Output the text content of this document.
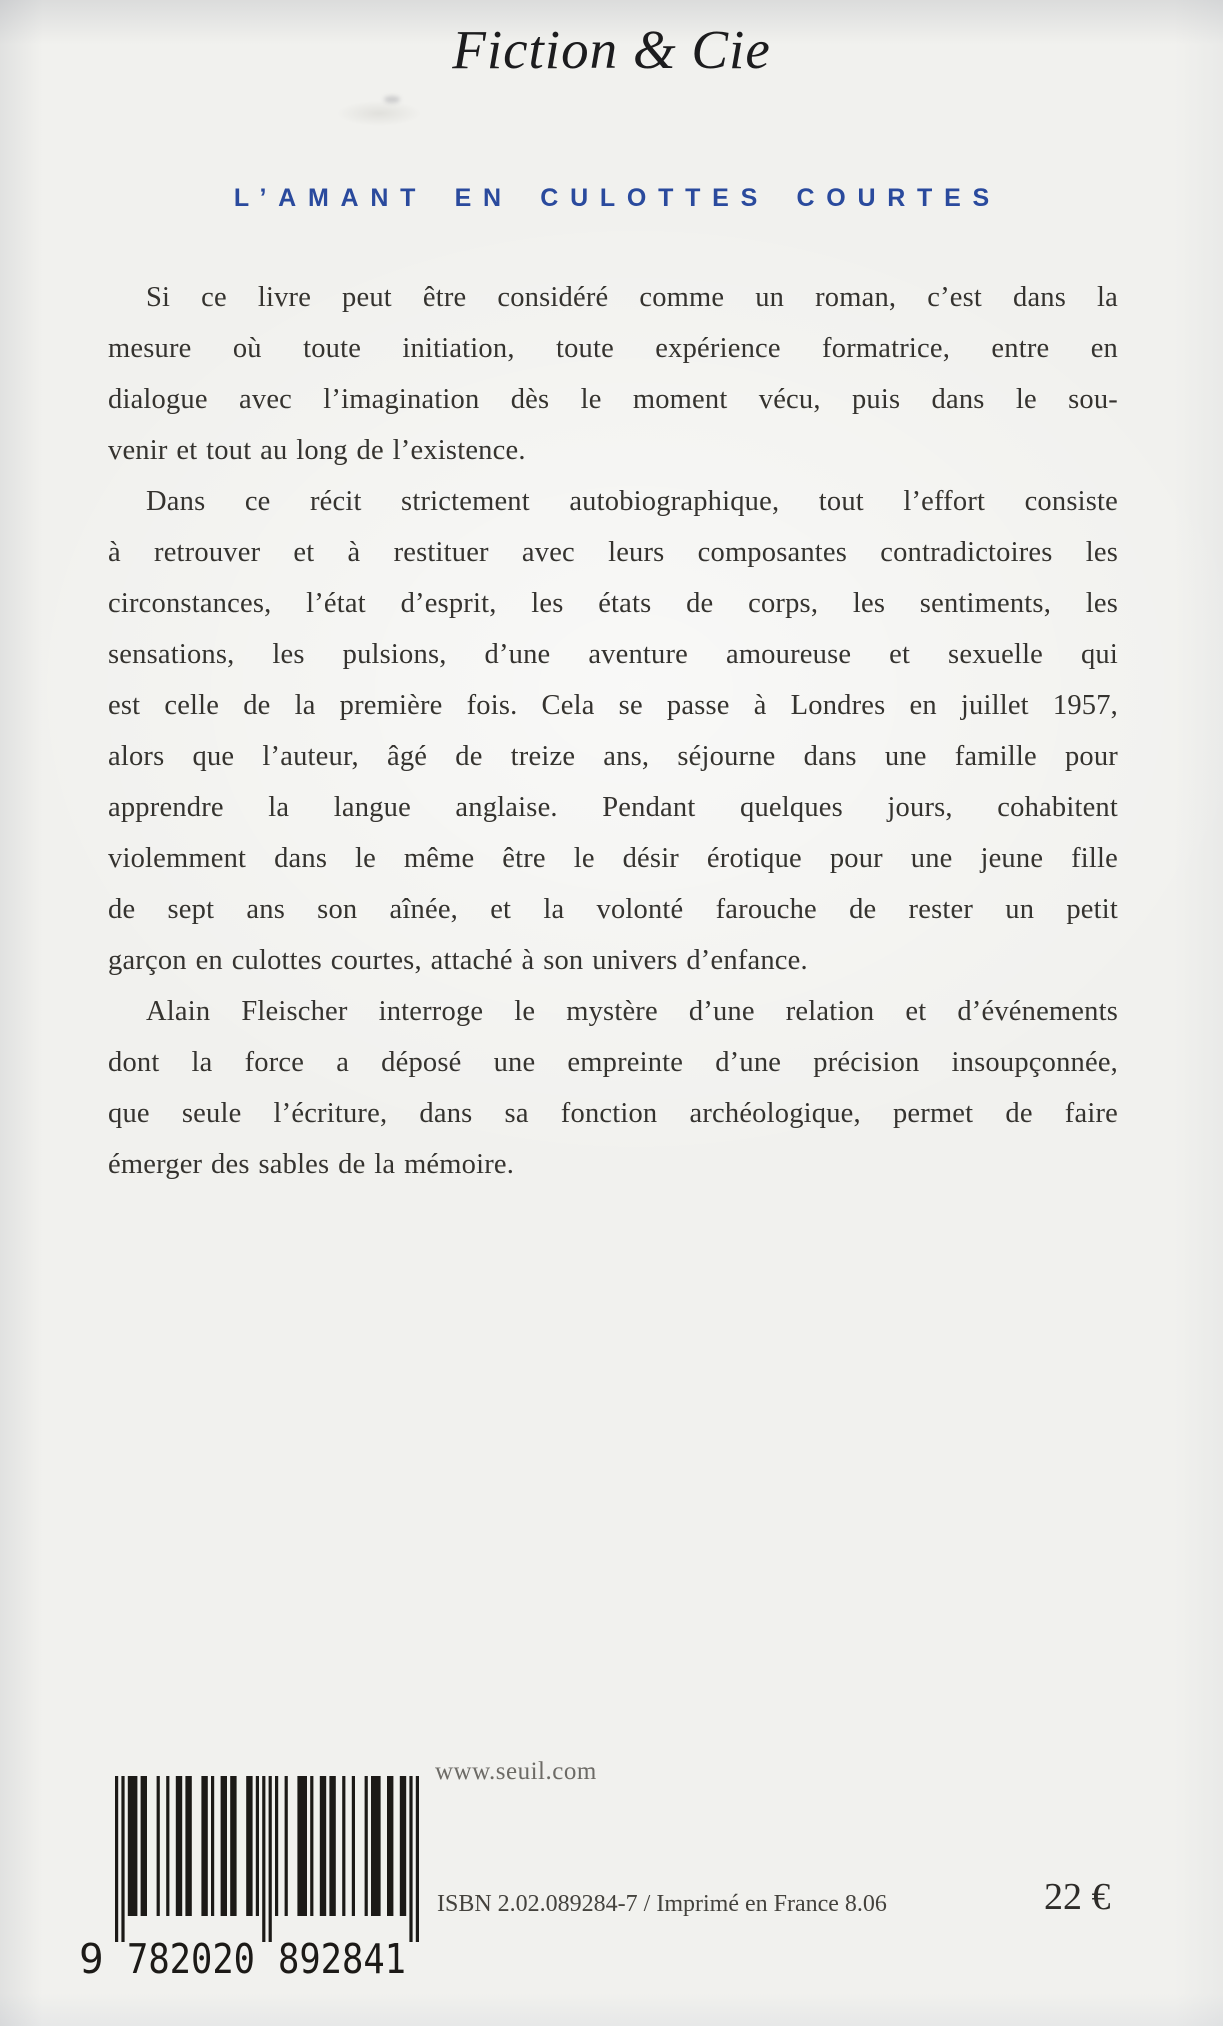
Fiction & Cie
L’AMANT EN CULOTTES COURTES
Si ce livre peut être considéré comme un roman, c’est dans la
mesure où toute initiation, toute expérience formatrice, entre en
dialogue avec l’imagination dès le moment vécu, puis dans le sou-
venir et tout au long de l’existence.
Dans ce récit strictement autobiographique, tout l’effort consiste
à retrouver et à restituer avec leurs composantes contradictoires les
circonstances, l’état d’esprit, les états de corps, les sentiments, les
sensations, les pulsions, d’une aventure amoureuse et sexuelle qui
est celle de la première fois. Cela se passe à Londres en juillet 1957,
alors que l’auteur, âgé de treize ans, séjourne dans une famille pour
apprendre la langue anglaise. Pendant quelques jours, cohabitent
violemment dans le même être le désir érotique pour une jeune fille
de sept ans son aînée, et la volonté farouche de rester un petit
garçon en culottes courtes, attaché à son univers d’enfance.
Alain Fleischer interroge le mystère d’une relation et d’événements
dont la force a déposé une empreinte d’une précision insoupçonnée,
que seule l’écriture, dans sa fonction archéologique, permet de faire
émerger des sables de la mémoire.
9 782020 892841
www.seuil.com
ISBN 2.02.089284-7 / Imprimé en France 8.06	22 €
